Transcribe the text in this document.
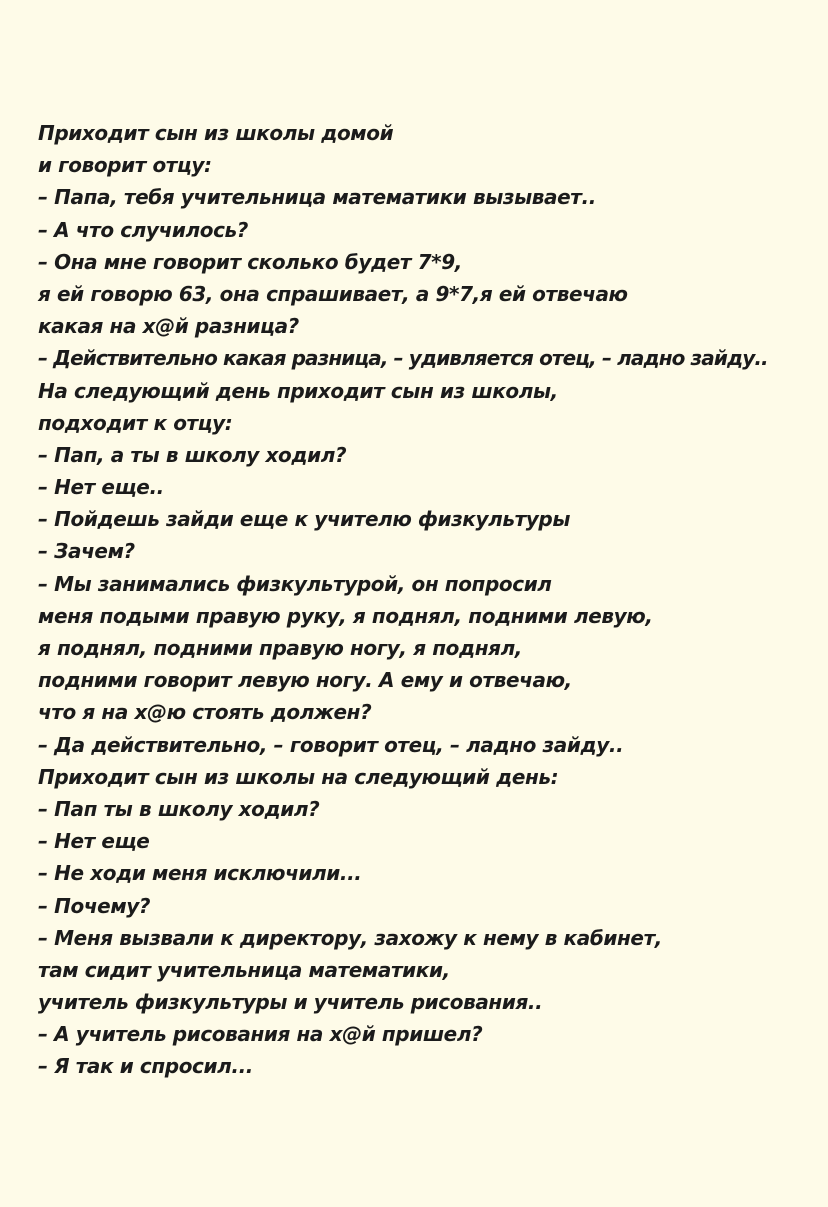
Приходит сын из школы домой
и говорит отцу:
– Папа, тебя учительница математики вызывает..
– А что случилось?
– Она мне говорит сколько будет 7*9,
я ей говорю 63, она спрашивает, а 9*7,я ей отвечаю
какая на х@й разница?
– Действительно какая разница, – удивляется отец, – ладно зайду..
На следующий день приходит сын из школы,
подходит к отцу:
– Пап, а ты в школу ходил?
– Нет еще..
– Пойдешь зайди еще к учителю физкультуры
– Зачем?
– Мы занимались физкультурой, он попросил
меня подыми правую руку, я поднял, подними левую,
я поднял, подними правую ногу, я поднял,
подними говорит левую ногу. А ему и отвечаю,
что я на х@ю стоять должен?
– Да действительно, – говорит отец, – ладно зайду..
Приходит сын из школы на следующий день:
– Пап ты в школу ходил?
– Нет еще
– Не ходи меня исключили...
– Почему?
– Меня вызвали к директору, захожу к нему в кабинет,
там сидит учительница математики,
учитель физкультуры и учитель рисования..
– А учитель рисования на х@й пришел?
– Я так и спросил...
